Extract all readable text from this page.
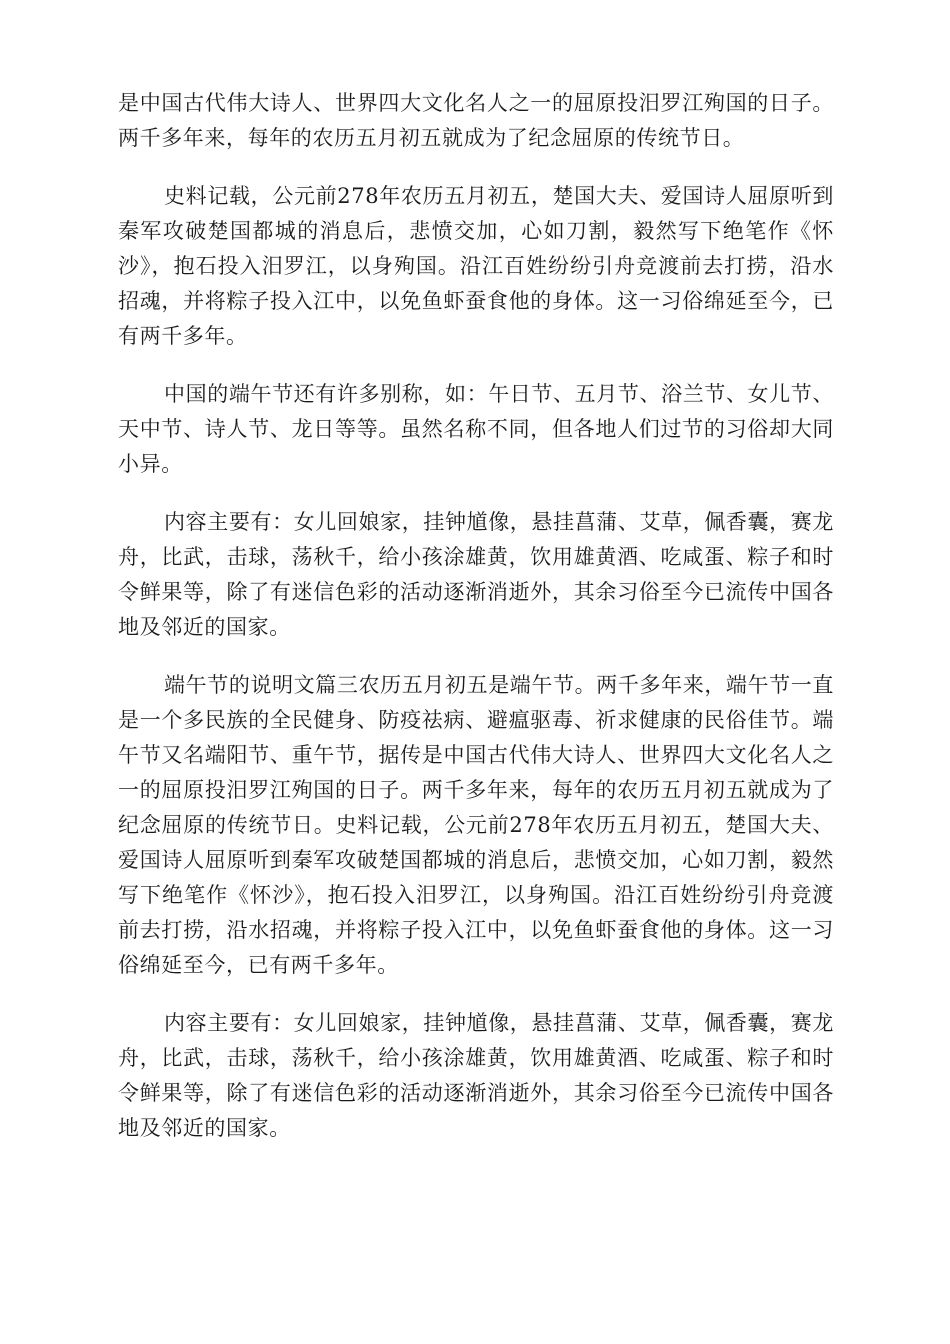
是中国古代伟大诗人、世界四大文化名人之一的屈原投汨罗江殉国的日子。两千多年来，每年的农历五月初五就成为了纪念屈原的传统节日。

史料记载，公元前278年农历五月初五，楚国大夫、爱国诗人屈原听到秦军攻破楚国都城的消息后，悲愤交加，心如刀割，毅然写下绝笔作《怀沙》，抱石投入汨罗江，以身殉国。沿江百姓纷纷引舟竞渡前去打捞，沿水招魂，并将粽子投入江中，以免鱼虾蚕食他的身体。这一习俗绵延至今，已有两千多年。

中国的端午节还有许多别称，如：午日节、五月节、浴兰节、女儿节、天中节、诗人节、龙日等等。虽然名称不同，但各地人们过节的习俗却大同小异。

内容主要有：女儿回娘家，挂钟馗像，悬挂菖蒲、艾草，佩香囊，赛龙舟，比武，击球，荡秋千，给小孩涂雄黄，饮用雄黄酒、吃咸蛋、粽子和时令鲜果等，除了有迷信色彩的活动逐渐消逝外，其余习俗至今已流传中国各地及邻近的国家。

端午节的说明文篇三农历五月初五是端午节。两千多年来，端午节一直是一个多民族的全民健身、防疫祛病、避瘟驱毒、祈求健康的民俗佳节。端午节又名端阳节、重午节，据传是中国古代伟大诗人、世界四大文化名人之一的屈原投汨罗江殉国的日子。两千多年来，每年的农历五月初五就成为了纪念屈原的传统节日。史料记载，公元前278年农历五月初五，楚国大夫、爱国诗人屈原听到秦军攻破楚国都城的消息后，悲愤交加，心如刀割，毅然写下绝笔作《怀沙》，抱石投入汨罗江，以身殉国。沿江百姓纷纷引舟竞渡前去打捞，沿水招魂，并将粽子投入江中，以免鱼虾蚕食他的身体。这一习俗绵延至今，已有两千多年。

内容主要有：女儿回娘家，挂钟馗像，悬挂菖蒲、艾草，佩香囊，赛龙舟，比武，击球，荡秋千，给小孩涂雄黄，饮用雄黄酒、吃咸蛋、粽子和时令鲜果等，除了有迷信色彩的活动逐渐消逝外，其余习俗至今已流传中国各地及邻近的国家。
